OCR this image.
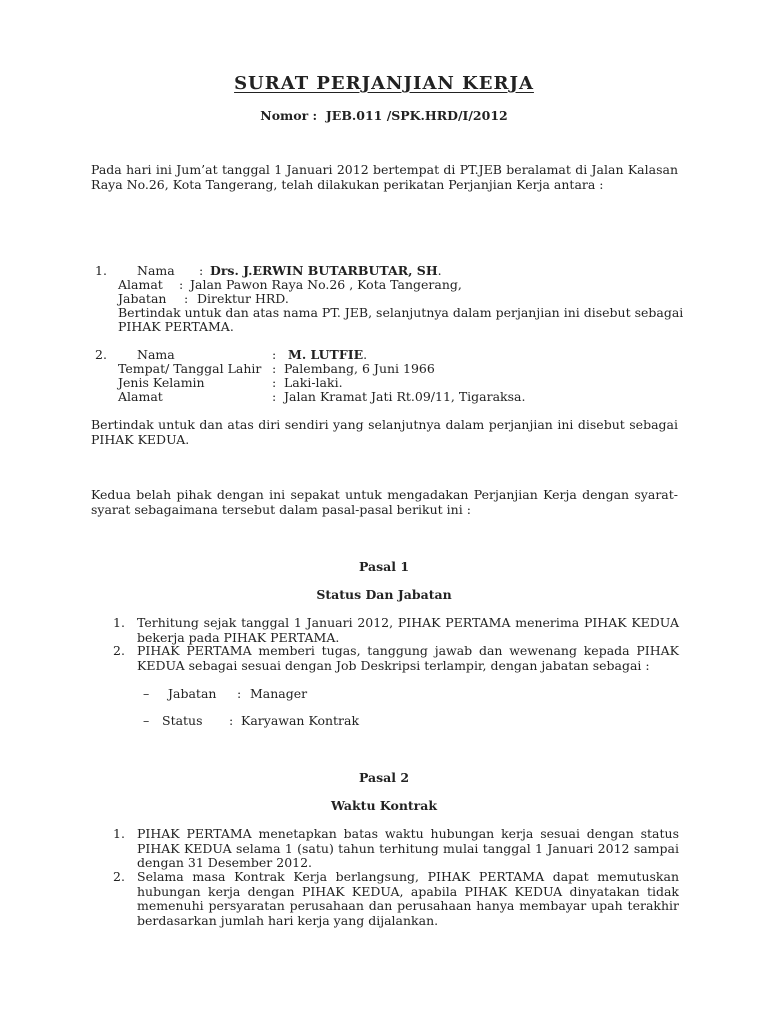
SURAT PERJANJIAN KERJA
Nomor : JEB.011 /SPK.HRD/I/2012
Pada hari ini Jum’at tanggal 1 Januari 2012 bertempat di PT.JEB beralamat di Jalan Kalasan Raya No.26, Kota Tangerang, telah dilakukan perikatan Perjanjian Kerja antara :
1. Nama : Drs. J.ERWIN BUTARBUTAR, SH.
Alamat : Jalan Pawon Raya No.26 , Kota Tangerang,
Jabatan : Direktur HRD.
Bertindak untuk dan atas nama PT. JEB, selanjutnya dalam perjanjian ini disebut sebagai
PIHAK PERTAMA.
2. Nama	: M. LUTFIE.
Tempat/ Tanggal Lahir : Palembang, 6 Juni 1966
Jenis Kelamin	: Laki-laki.
Alamat	: Jalan Kramat Jati Rt.09/11, Tigaraksa.
Bertindak untuk dan atas diri sendiri yang selanjutnya dalam perjanjian ini disebut sebagai PIHAK KEDUA.
Kedua belah pihak dengan ini sepakat untuk mengadakan Perjanjian Kerja dengan syarat-syarat sebagaimana tersebut dalam pasal-pasal berikut ini :
Pasal 1
Status Dan Jabatan
1. Terhitung sejak tanggal 1 Januari 2012, PIHAK PERTAMA menerima PIHAK KEDUA bekerja pada PIHAK PERTAMA.
2. PIHAK PERTAMA memberi tugas, tanggung jawab dan wewenang kepada PIHAK KEDUA sebagai sesuai dengan Job Deskripsi terlampir, dengan jabatan sebagai :
– Jabatan : Manager
– Status : Karyawan Kontrak
Pasal 2
Waktu Kontrak
1. PIHAK PERTAMA menetapkan batas waktu hubungan kerja sesuai dengan status PIHAK KEDUA selama 1 (satu) tahun terhitung mulai tanggal 1 Januari 2012 sampai dengan 31 Desember 2012.
2. Selama masa Kontrak Kerja berlangsung, PIHAK PERTAMA dapat memutuskan hubungan kerja dengan PIHAK KEDUA, apabila PIHAK KEDUA dinyatakan tidak memenuhi persyaratan perusahaan dan perusahaan hanya membayar upah terakhir berdasarkan jumlah hari kerja yang dijalankan.
